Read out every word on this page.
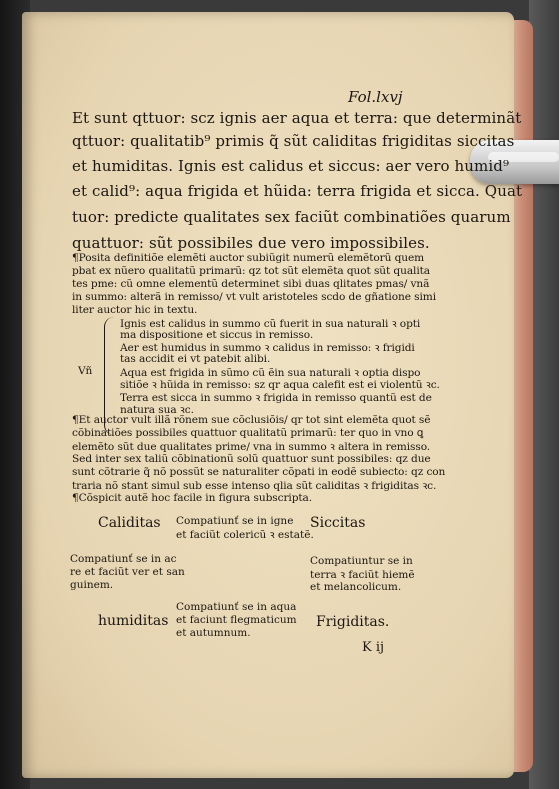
Fol.lxvj
Et sunt qttuor: scz ignis aer aqua et terra: que determinãt
qttuor: qualitatib⁹ primis q̃ sũt caliditas frigiditas siccitas
et humiditas. Ignis est calidus et siccus: aer vero humid⁹
et calid⁹: aqua frigida et hũida: terra frigida et sicca. Quat
tuor: predicte qualitates sex faciũt combinatiões quarum
quattuor: sũt possibiles due vero impossibiles.
¶Posita definitiõe elemẽti auctor subiũgit numerũ elemẽtorũ quem
pbat ex nũero qualitatũ primarũ: qz tot sũt elemẽta quot sũt qualita
tes pme: cũ omne elementũ determinet sibi duas qlitates pmas/ vnã
in summo: alterã in remisso/ vt vult aristoteles scdo de gñatione simi
liter auctor hic in textu.
Vñ
Ignis est calidus in summo cũ fuerit in sua naturali ꝛ opti
ma dispositione et siccus in remisso.
Aer est humidus in summo ꝛ calidus in remisso: ꝛ frigidi
tas accidit ei vt patebit alibi.
Aqua est frigida in sũmo cũ ẽin sua naturali ꝛ optia dispo
sitiõe ꝛ hũida in remisso: sz qr aqua calefit est ei violentũ ꝛc.
Terra est sicca in summo ꝛ frigida in remisso quantũ est de
natura sua ꝛc.
¶Et auctor vult illã rõnem sue cõclusiõis/ qr tot sint elemẽta quot sẽ
cõbinatiões possibiles quattuor qualitatũ primarũ: ter quo in vno ꝗ
elemẽto sũt due qualitates prime/ vna in summo ꝛ altera in remisso.
Sed inter sex taliũ cõbinationũ solũ quattuor sunt possibiles: qz due
sunt cõtrarie q̃ nõ possũt se naturaliter cõpati in eodẽ subiecto: qz con
traria nõ stant simul sub esse intenso qlia sũt caliditas ꝛ frigiditas ꝛc.
¶Cõspicit autẽ hoc facile in figura subscripta.
Caliditas	Siccitas
humiditas	Frigiditas.
Compatiunť se in igne
et faciũt colericũ ꝛ estatẽ.
Compatiunť se in ac
re et faciũt ver et san
guinem.
Compatiuntur se in
terra ꝛ faciũt hiemẽ
et melancolicum.
Compatiunť se in aqua
et faciunt flegmaticum
et autumnum.
K ij
